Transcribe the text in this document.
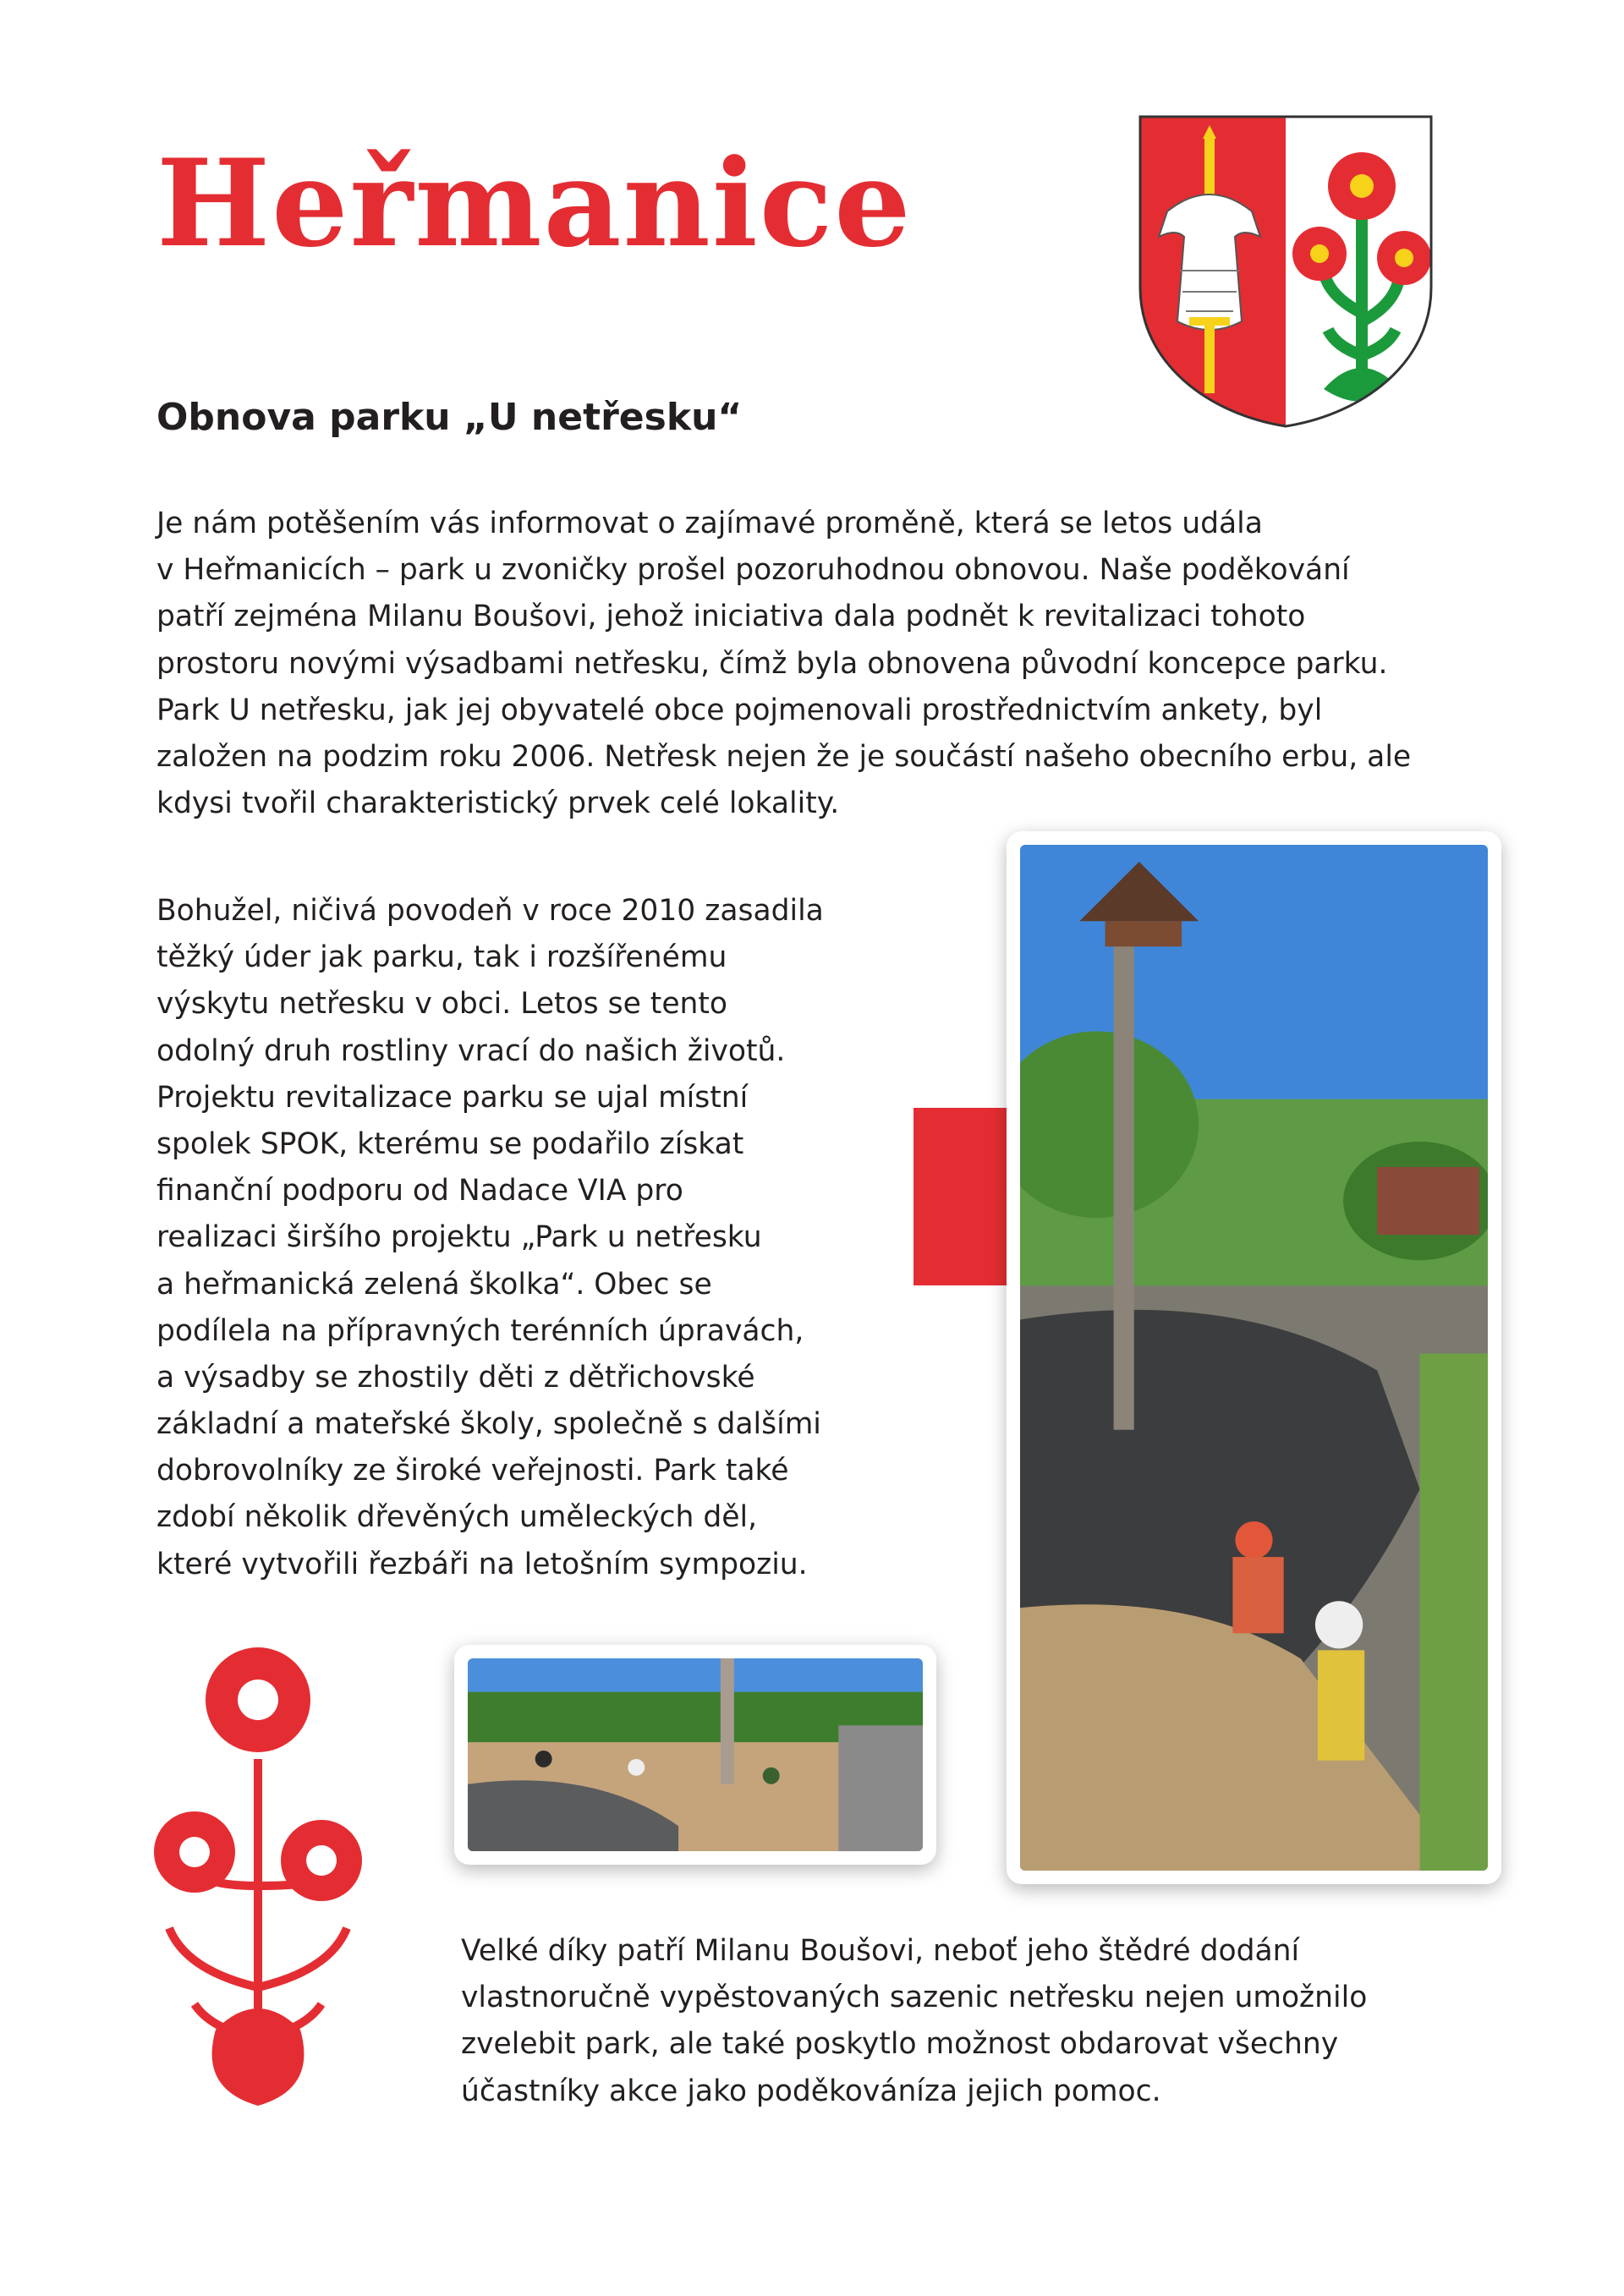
Heřmanice
Obnova parku „U netřesku“

Je nám potěšením vás informovat o zajímavé proměně, která se letos udála
v Heřmanicích – park u zvoničky prošel pozoruhodnou obnovou. Naše poděkování
patří zejména Milanu Boušovi, jehož iniciativa dala podnět k revitalizaci tohoto
prostoru novými výsadbami netřesku, čímž byla obnovena původní koncepce parku.
Park U netřesku, jak jej obyvatelé obce pojmenovali prostřednictvím ankety, byl
založen na podzim roku 2006. Netřesk nejen že je součástí našeho obecního erbu, ale
kdysi tvořil charakteristický prvek celé lokality.

Bohužel, ničivá povodeň v roce 2010 zasadila
těžký úder jak parku, tak i rozšířenému
výskytu netřesku v obci. Letos se tento
odolný druh rostliny vrací do našich životů.
Projektu revitalizace parku se ujal místní
spolek SPOK, kterému se podařilo získat
finanční podporu od Nadace VIA pro
realizaci širšího projektu „Park u netřesku
a heřmanická zelená školka“. Obec se
podílela na přípravných terénních úpravách,
a výsadby se zhostily děti z dětřichovské
základní a mateřské školy, společně s dalšími
dobrovolníky ze široké veřejnosti. Park také
zdobí několik dřevěných uměleckých děl,
které vytvořili řezbáři na letošním sympoziu.

Velké díky patří Milanu Boušovi, neboť jeho štědré dodání
vlastnoručně vypěstovaných sazenic netřesku nejen umožnilo
zvelebit park, ale také poskytlo možnost obdarovat všechny
účastníky akce jako poděkováníza jejich pomoc.
